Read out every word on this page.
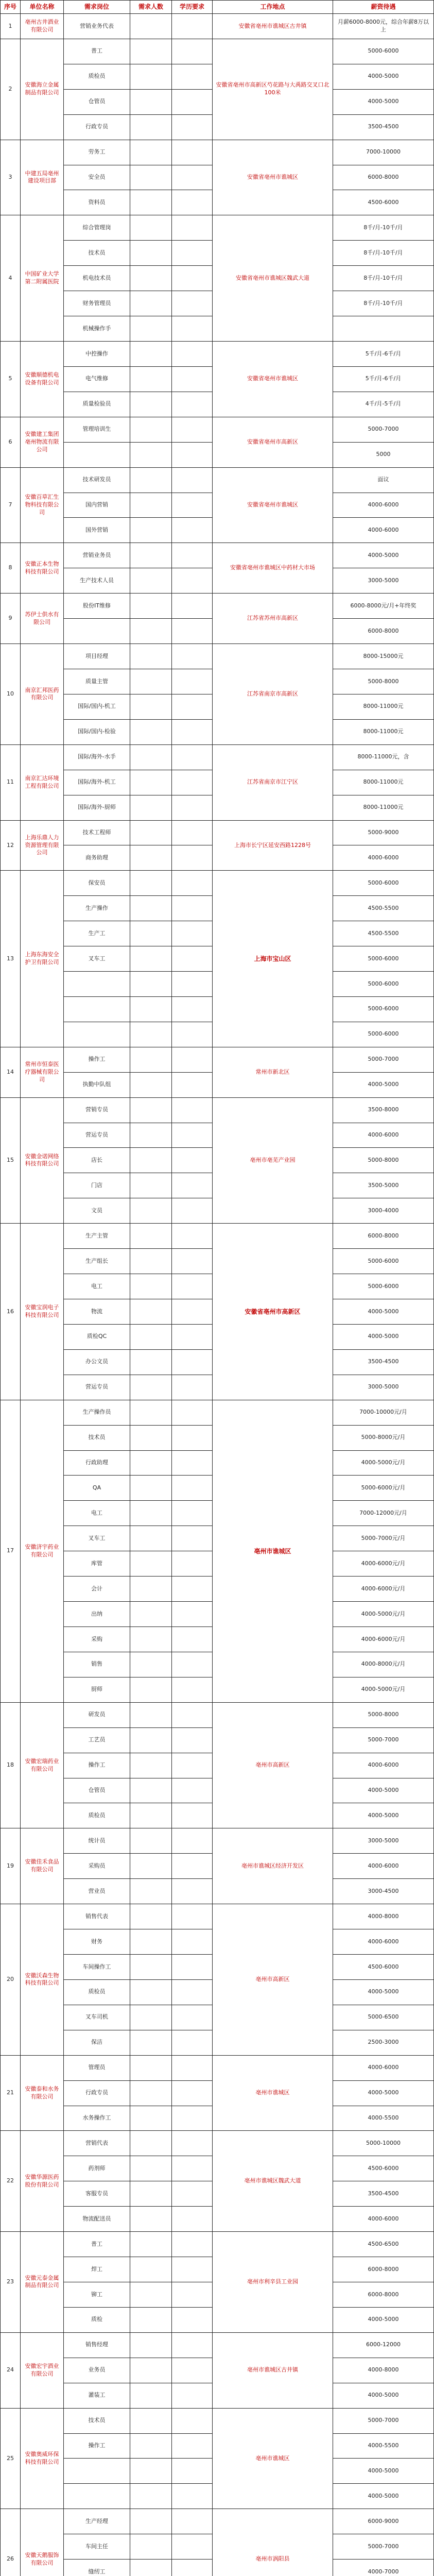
序号	单位名称	需求岗位	需求人数	学历要求	工作地点	薪资待遇
1	亳州古井酒业有限公司	营销业务代表			安徽省亳州市谯城区古井镇	月薪6000-8000元，综合年薪8万以上
2	安徽海立金属制品有限公司	普工			安徽省亳州市高新区芍花路与大禹路交叉口北100米	5000-6000
		质检员				4000-5000
		仓管员				4000-5000
		行政专员				3500-4500
3	中建五局亳州建设项目部	劳务工			安徽省亳州市谯城区	7000-10000
		安全员				6000-8000
		资料员				4500-6000
4	中国矿业大学第二附属医院	综合管理岗			安徽省亳州市谯城区魏武大道	8千/月-10千/月
		技术员				8千/月-10千/月
		机电技术员				8千/月-10千/月
		财务管理员				8千/月-10千/月
		机械操作手				
5	安徽顺德机电设备有限公司	中控操作			安徽省亳州市谯城区	5千/月-6千/月
		电气维修				5千/月-6千/月
		质量检验员				4千/月-5千/月
6	安徽建工集团亳州物流有限公司	管理培训生			安徽省亳州市高新区	5000-7000
						5000
7	安徽百草汇生物科技有限公司	技术研发员			安徽省亳州市谯城区	面议
		国内营销				4000-6000
		国外营销				4000-6000
8	安徽正本生物科技有限公司	营销业务员			安徽省亳州市谯城区中药材大市场	4000-5000
		生产技术人员				3000-5000
9	苏伊士供水有限公司	股份IT维修			江苏省苏州市高新区	6000-8000元/月+年终奖
						6000-8000
10	南京汇邦医药有限公司	项目经理			江苏省南京市高新区	8000-15000元
		质量主管				5000-8000
		国际/国内-机工				8000-11000元
		国际/国内-检验				8000-11000元
11	南京汇达环境工程有限公司	国际/海外-水手			江苏省南京市江宁区	8000-11000元，含
		国际/海外-机工				8000-11000元
		国际/海外-厨师				8000-11000元
12	上海乐鼎人力资源管理有限公司	技术工程师			上海市长宁区延安西路1228号	5000-9000
		商务助理				4000-6000
13	上海东海安全护卫有限公司	保安员			上海市宝山区	5000-6000
		生产操作				4500-5500
		生产工				4500-5500
		叉车工				5000-6000
						5000-6000
						5000-6000
						5000-6000
14	常州市恒泰医疗器械有限公司	操作工			常州市新北区	5000-7000
		执勤中队组				4000-5000
15	安徽金诺网络科技有限公司	营销专员			亳州市亳芜产业园	3500-8000
		营运专员				4000-6000
		店长				5000-8000
		门店				3500-5000
		文员				3000-4000
16	安徽宝润电子科技有限公司	生产主管			安徽省亳州市高新区	6000-8000
		生产组长				5000-6000
		电工				5000-6000
		物流				4000-5000
		质检QC				4000-5000
		办公文员				3500-4500
		营运专员				3000-5000
17	安徽济宇药业有限公司	生产操作员			亳州市谯城区	7000-10000元/月
		技术员				5000-8000元/月
		行政助理				4000-5000元/月
		QA				5000-6000元/月
		电工				7000-12000元/月
		叉车工				5000-7000元/月
		库管				4000-6000元/月
		会计				4000-6000元/月
		出纳				4000-5000元/月
		采购				4000-6000元/月
		销售				4000-8000元/月
		厨师				4000-5000元/月
18	安徽宏瑞药业有限公司	研发员			亳州市高新区	5000-8000
		工艺员				5000-7000
		操作工				4000-6000
		仓管员				4000-5000
		质检员				4000-5000
19	安徽佳禾食品有限公司	统计员			亳州市谯城区经济开发区	3000-5000
		采购员				4000-6000
		营业员				3000-4500
20	安徽沃森生物科技有限公司	销售代表			亳州市高新区	4000-8000
		财务				4000-6000
		车间操作工				4500-6000
		质检员				4000-5000
		叉车司机				5000-6500
		保洁				2500-3000
21	安徽泰和水务有限公司	管理员			亳州市谯城区	4000-6000
		行政专员				4000-5000
		水务操作工				4000-5500
22	安徽华源医药股份有限公司	营销代表			亳州市谯城区魏武大道	5000-10000
		药剂师				4500-6000
		客服专员				3500-4500
		物流配送员				4000-6000
23	安徽元泰金属制品有限公司	普工			亳州市利辛县工业园	4500-6500
		焊工				6000-8000
		铆工				6000-8000
		质检				4000-5000
24	安徽宏宇酒业有限公司	销售经理			亳州市谯城区古井镇	6000-12000
		业务员				4000-8000
		灌装工				4000-5000
25	安徽奥威环保科技有限公司	技术员			亳州市谯城区	5000-7000
		操作工				4000-5500
						4000-5000
						4000-5000
26	安徽天鹅服饰有限公司	生产经理			亳州市涡阳县	6000-9000
		车间主任				5000-7000
		缝纫工				4000-7000
